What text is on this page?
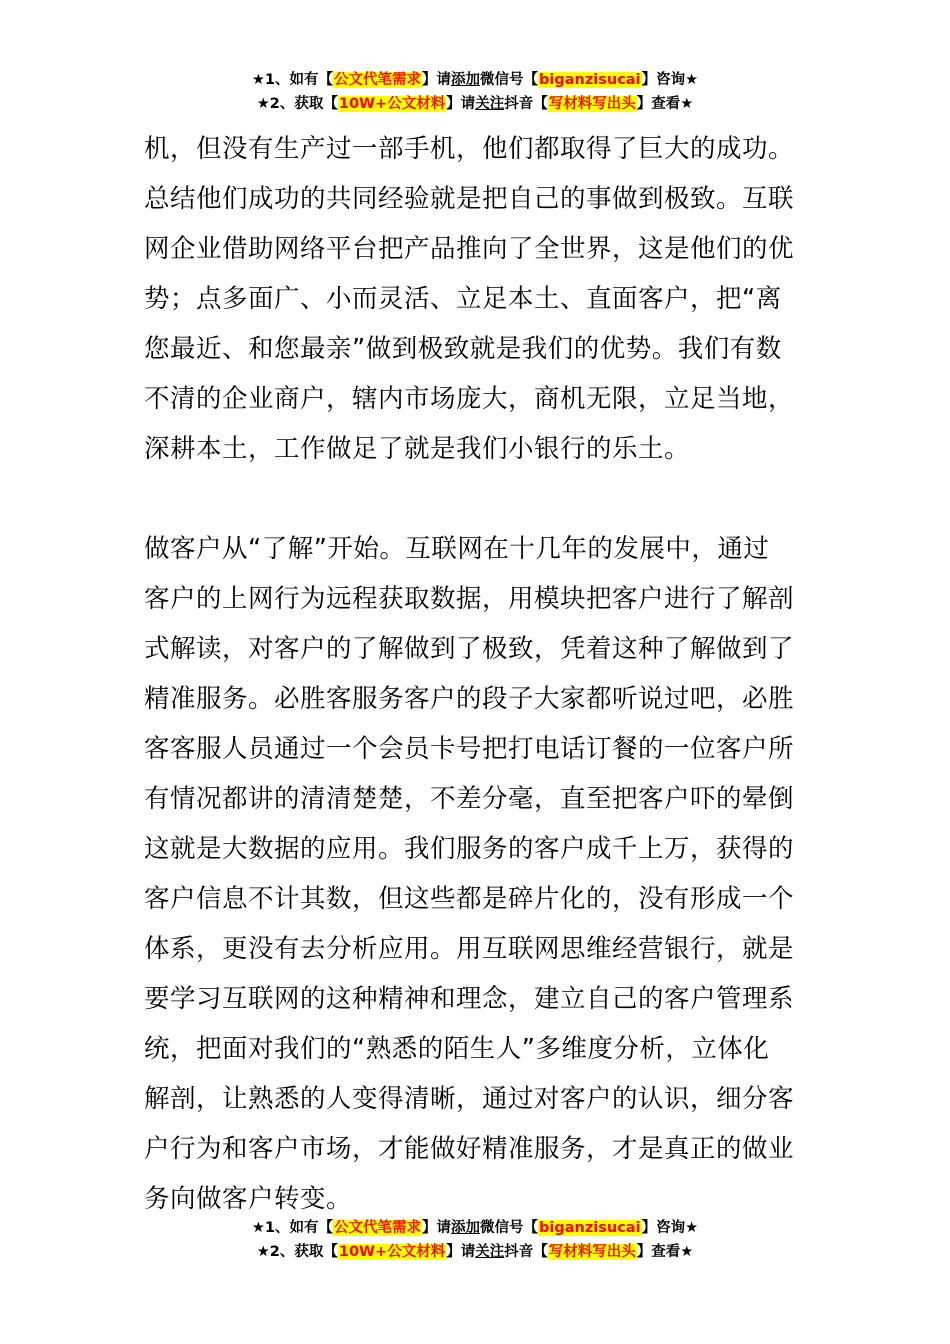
★1、如有【公文代笔需求】请添加微信号【biganzisucai】咨询★
★2、获取【10W+公文材料】请关注抖音【写材料写出头】查看★
机，但没有生产过一部手机，他们都取得了巨大的成功。
总结他们成功的共同经验就是把自己的事做到极致。互联
网企业借助网络平台把产品推向了全世界，这是他们的优
势；点多面广、小而灵活、立足本土、直面客户，把“离
您最近、和您最亲”做到极致就是我们的优势。我们有数
不清的企业商户，辖内市场庞大，商机无限，立足当地，
深耕本土，工作做足了就是我们小银行的乐土。
做客户从“了解”开始。互联网在十几年的发展中，通过
客户的上网行为远程获取数据，用模块把客户进行了解剖
式解读，对客户的了解做到了极致，凭着这种了解做到了
精准服务。必胜客服务客户的段子大家都听说过吧，必胜
客客服人员通过一个会员卡号把打电话订餐的一位客户所
有情况都讲的清清楚楚，不差分毫，直至把客户吓的晕倒
这就是大数据的应用。我们服务的客户成千上万，获得的
客户信息不计其数，但这些都是碎片化的，没有形成一个
体系，更没有去分析应用。用互联网思维经营银行，就是
要学习互联网的这种精神和理念，建立自己的客户管理系
统，把面对我们的“熟悉的陌生人”多维度分析，立体化
解剖，让熟悉的人变得清晰，通过对客户的认识，细分客
户行为和客户市场，才能做好精准服务，才是真正的做业
务向做客户转变。
★1、如有【公文代笔需求】请添加微信号【biganzisucai】咨询★
★2、获取【10W+公文材料】请关注抖音【写材料写出头】查看★
